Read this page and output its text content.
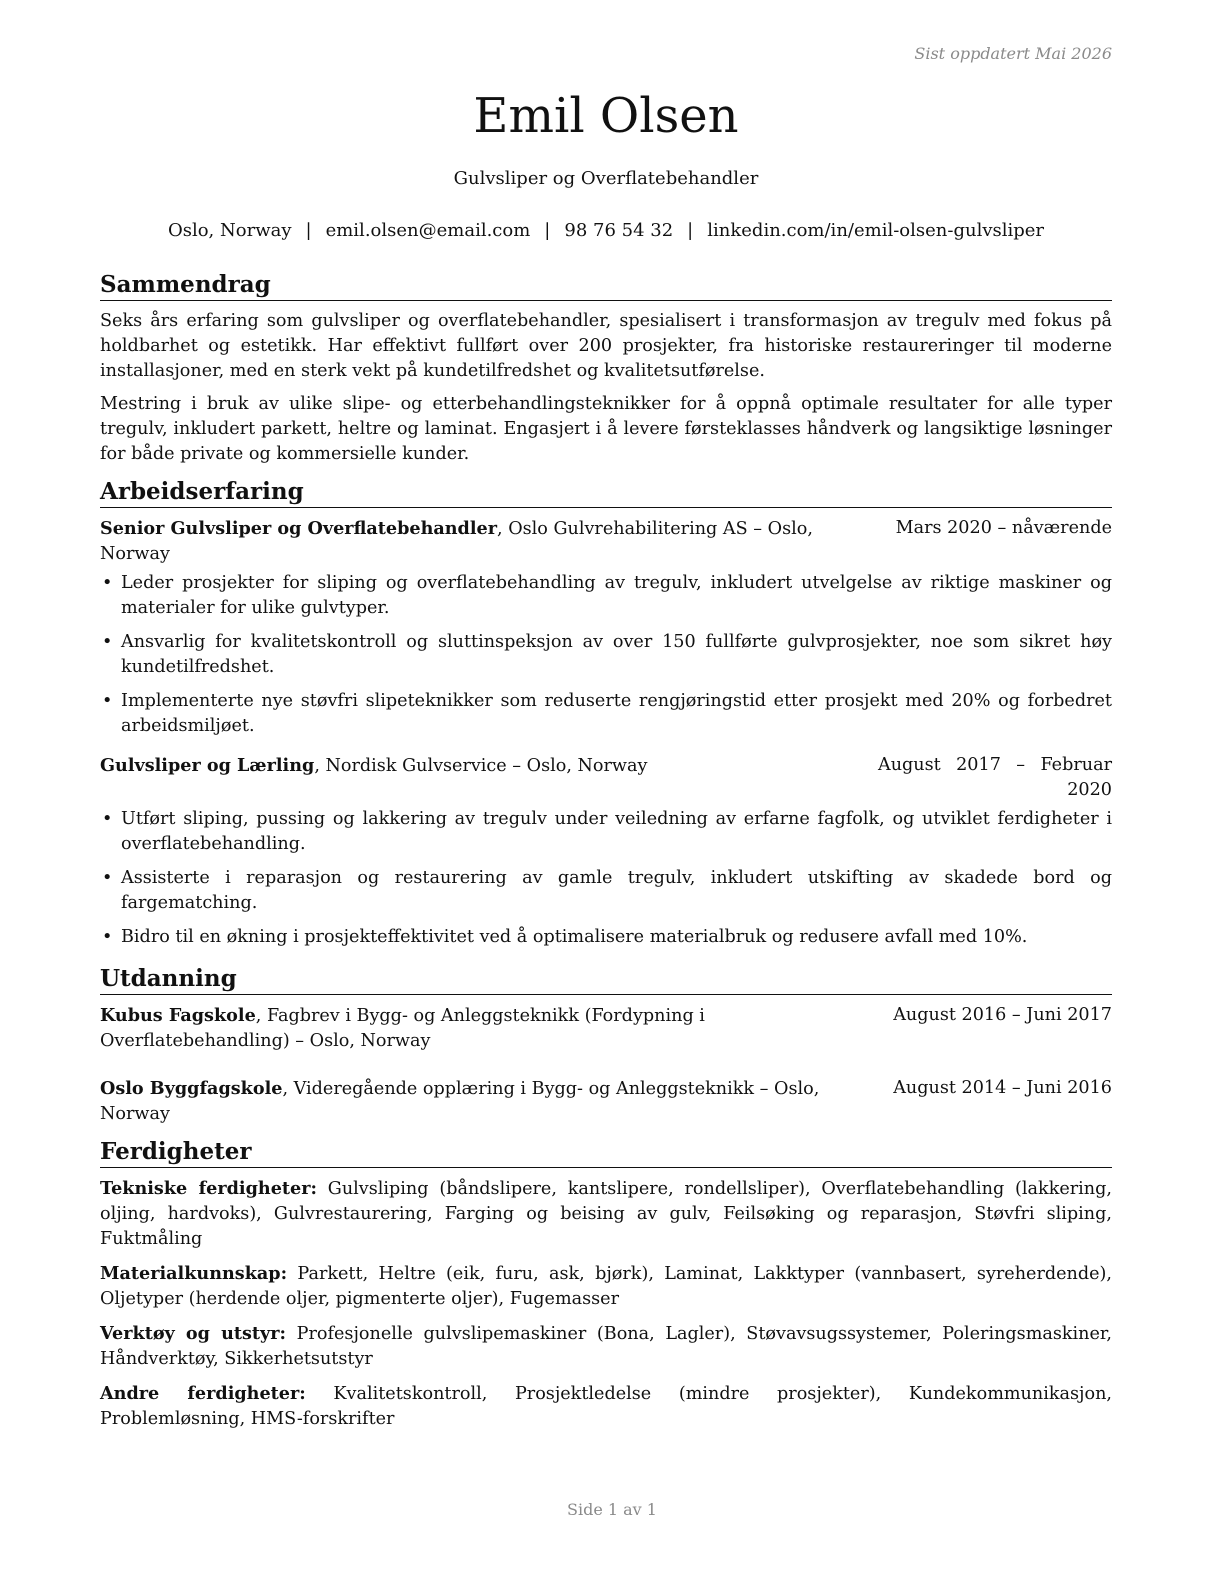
Sist oppdatert Mai 2026
Emil Olsen
Gulvsliper og Overflatebehandler
Oslo, Norway | emil.olsen@email.com | 98 76 54 32 | linkedin.com/in/emil-olsen-gulvsliper
Sammendrag

Seks års erfaring som gulvsliper og overflatebehandler, spesialisert i transformasjon av tregulv med fokus på holdbarhet og estetikk. Har effektivt fullført over 200 prosjekter, fra historiske restaureringer til moderne installasjoner, med en sterk vekt på kundetilfredshet og kvalitetsutførelse.

Mestring i bruk av ulike slipe- og etterbehandlingsteknikker for å oppnå optimale resultater for alle typer tregulv, inkludert parkett, heltre og laminat. Engasjert i å levere førsteklasses håndverk og langsiktige løsninger for både private og kommersielle kunder.

Arbeidserfaring
Senior Gulvsliper og Overflatebehandler, Oslo Gulvrehabilitering AS – Oslo, Norway
Mars 2020 – nåværende
• Leder prosjekter for sliping og overflatebehandling av tregulv, inkludert utvelgelse av riktige maskiner og materialer for ulike gulvtyper.
• Ansvarlig for kvalitetskontroll og sluttinspeksjon av over 150 fullførte gulvprosjekter, noe som sikret høy kundetilfredshet.
• Implementerte nye støvfri slipeteknikker som reduserte rengjøringstid etter prosjekt med 20% og forbedret arbeidsmiljøet.
Gulvsliper og Lærling, Nordisk Gulvservice – Oslo, Norway	August 2017 – Februar 2020
• Utført sliping, pussing og lakkering av tregulv under veiledning av erfarne fagfolk, og utviklet ferdigheter i overflatebehandling.
• Assisterte i reparasjon og restaurering av gamle tregulv, inkludert utskifting av skadede bord og fargematching.
• Bidro til en økning i prosjekteffektivitet ved å optimalisere materialbruk og redusere avfall med 10%.
Utdanning
Kubus Fagskole, Fagbrev i Bygg- og Anleggsteknikk (Fordypning i Overflatebehandling) – Oslo, Norway
August 2016 – Juni 2017
Oslo Byggfagskole, Videregående opplæring i Bygg- og Anleggsteknikk – Oslo, Norway
August 2014 – Juni 2016
Ferdigheter

Tekniske ferdigheter: Gulvsliping (båndslipere, kantslipere, rondellsliper), Overflatebehandling (lakkering, oljing, hardvoks), Gulvrestaurering, Farging og beising av gulv, Feilsøking og reparasjon, Støvfri sliping, Fuktmåling

Materialkunnskap: Parkett, Heltre (eik, furu, ask, bjørk), Laminat, Lakktyper (vannbasert, syreherdende), Oljetyper (herdende oljer, pigmenterte oljer), Fugemasser

Verktøy og utstyr: Profesjonelle gulvslipemaskiner (Bona, Lagler), Støvavsugssystemer, Poleringsmaskiner, Håndverktøy, Sikkerhetsutstyr

Andre ferdigheter: Kvalitetskontroll, Prosjektledelse (mindre prosjekter), Kundekommunikasjon, Problemløsning, HMS-forskrifter

Side 1 av 1
